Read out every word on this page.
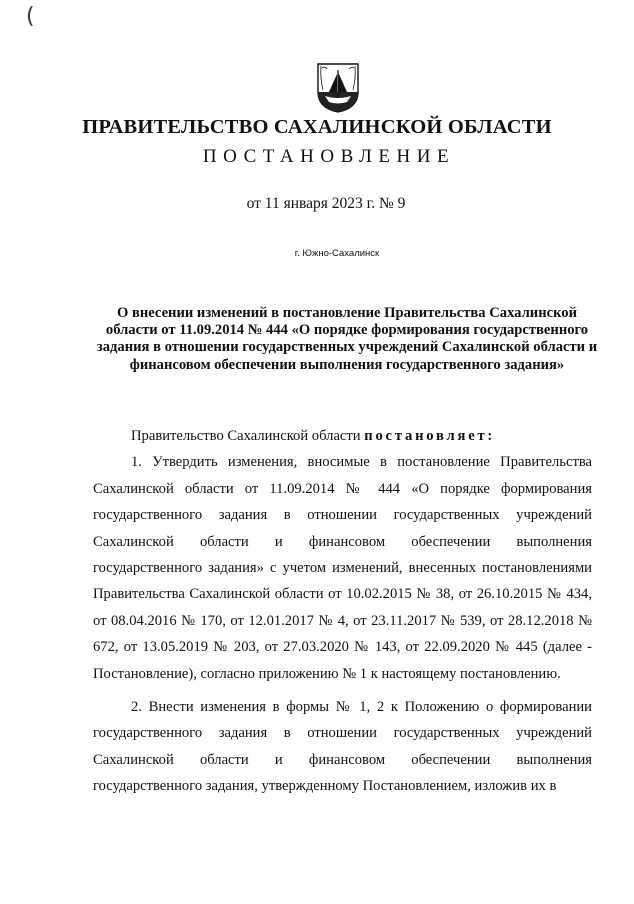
(
ПРАВИТЕЛЬСТВО САХАЛИНСКОЙ ОБЛАСТИ
ПОСТАНОВЛЕНИЕ
от 11 января 2023 г. № 9
г. Южно-Сахалинск
О внесении изменений в постановление Правительства Сахалинской области от 11.09.2014 № 444 «О порядке формирования государственного задания в отношении государственных учреждений Сахалинской области и финансовом обеспечении выполнения государственного задания»

Правительство Сахалинской области постановляет:

1. Утвердить изменения, вносимые в постановление Правительства Сахалинской области от 11.09.2014 № 444 «О порядке формирования государственного задания в отношении государственных учреждений Сахалинской области и финансовом обеспечении выполнения государственного задания» с учетом изменений, внесенных постановлениями Правительства Сахалинской области от 10.02.2015 № 38, от 26.10.2015 № 434, от 08.04.2016 № 170, от 12.01.2017 № 4, от 23.11.2017 № 539, от 28.12.2018 № 672, от 13.05.2019 № 203, от 27.03.2020 № 143, от 22.09.2020 № 445 (далее - Постановление), согласно приложению № 1 к настоящему постановлению.

2. Внести изменения в формы № 1, 2 к Положению о формировании государственного задания в отношении государственных учреждений Сахалинской области и финансовом обеспечении выполнения государственного задания, утвержденному Постановлением, изложив их в
